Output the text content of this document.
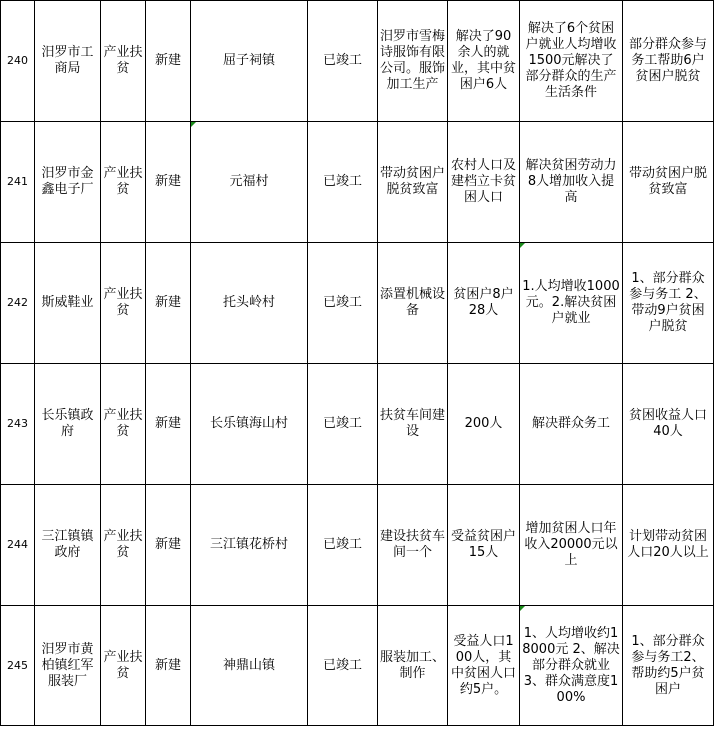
240	汨罗市工商局	产业扶贫	新建	屈子祠镇	已竣工	汨罗市雪梅诗服饰有限公司。服饰加工生产	解决了90余人的就业，其中贫困户6人	解决了6个贫困户就业人均增收1500元解决了部分群众的生产生活条件	部分群众参与务工帮助6户贫困户脱贫
241	汨罗市金鑫电子厂	产业扶贫	新建	元福村	已竣工	带动贫困户脱贫致富	农村人口及建档立卡贫困人口	解决贫困劳动力8人增加收入提高	带动贫困户脱贫致富
242	斯威鞋业	产业扶贫	新建	托头岭村	已竣工	添置机械设备	贫困户8户28人	1.人均增收1000元。2.解决贫困户就业	1、部分群众参与务工 2、带动9户贫困户脱贫
243	长乐镇政府	产业扶贫	新建	长乐镇海山村	已竣工	扶贫车间建设	200人	解决群众务工	贫困收益人口40人
244	三江镇镇政府	产业扶贫	新建	三江镇花桥村	已竣工	建设扶贫车间一个	受益贫困户15人	增加贫困人口年收入20000元以上	计划带动贫困人口20人以上
245	汨罗市黄柏镇红军服装厂	产业扶贫	新建	神鼎山镇	已竣工	服装加工、制作	受益人口100人，其中贫困人口约5户。	1、人均增收约18000元 2、解决部分群众就业 3、群众满意度100%	1、部分群众参与务工2、帮助约5户贫困户
